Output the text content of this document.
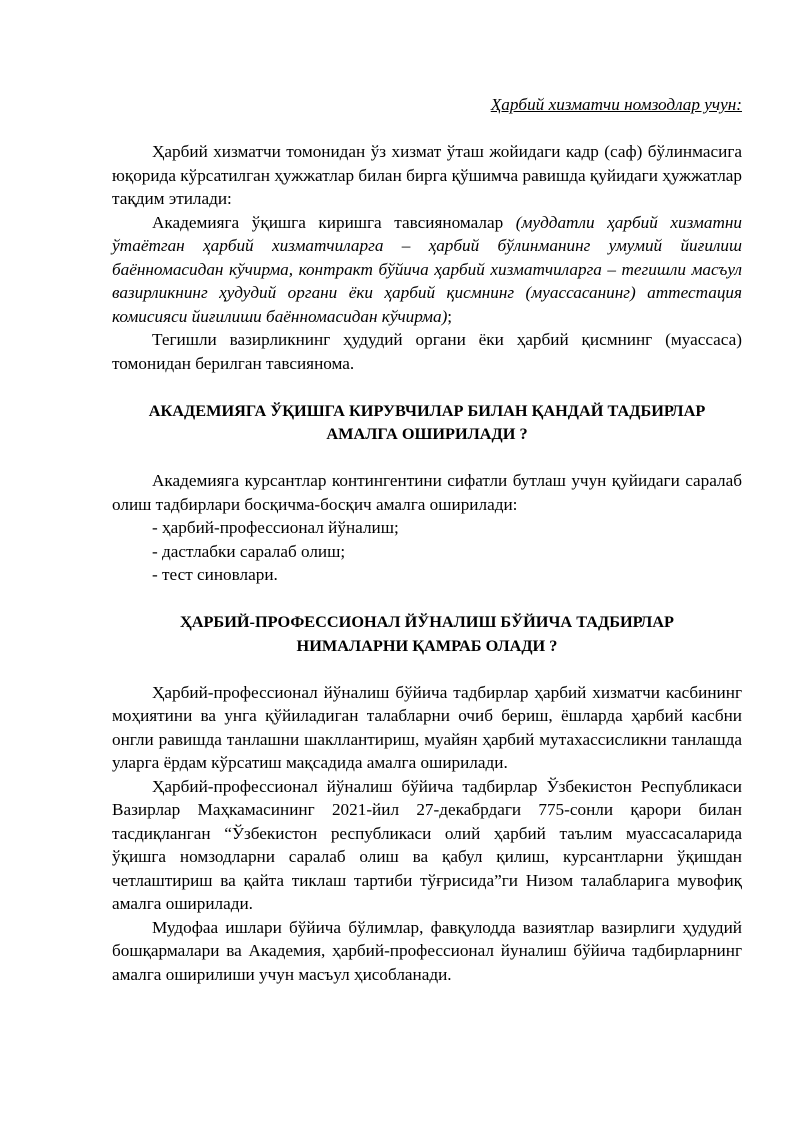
Ҳарбий хизматчи номзодлар учун:

Ҳарбий хизматчи томонидан ўз хизмат ўташ жойидаги кадр (саф) бўлинмасига юқорида кўрсатилган ҳужжатлар билан бирга қўшимча равишда қуйидаги ҳужжатлар тақдим этилади:

Академияга ўқишга киришга тавсияномалар (муддатли ҳарбий хизматни ўтаётган ҳарбий хизматчиларга – ҳарбий бўлинманинг умумий йиғилиш баённомасидан кўчирма, контракт бўйича ҳарбий хизматчиларга – тегишли масъул вазирликнинг ҳудудий органи ёки ҳарбий қисмнинг (муассасанинг) аттестация комисияси йиғилиши баённомасидан кўчирма);

Тегишли вазирликнинг ҳудудий органи ёки ҳарбий қисмнинг (муассаса) томонидан берилган тавсиянома.

АКАДЕМИЯГА ЎҚИШГА КИРУВЧИЛАР БИЛАН ҚАНДАЙ ТАДБИРЛАР

АМАЛГА ОШИРИЛАДИ ?

Академияга курсантлар контингентини сифатли бутлаш учун қуйидаги саралаб олиш тадбирлари босқичма-босқич амалга оширилади:

- ҳарбий-профессионал йўналиш;

- дастлабки саралаб олиш;

- тест синовлари.

ҲАРБИЙ-ПРОФЕССИОНАЛ ЙЎНАЛИШ БЎЙИЧА ТАДБИРЛАР

НИМАЛАРНИ ҚАМРАБ ОЛАДИ ?

Ҳарбий-профессионал йўналиш бўйича тадбирлар ҳарбий хизматчи касбининг моҳиятини ва унга қўйиладиган талабларни очиб бериш, ёшларда ҳарбий касбни онгли равишда танлашни шакллантириш, муайян ҳарбий мутахассисликни танлашда уларга ёрдам кўрсатиш мақсадида амалга оширилади.

Ҳарбий-профессионал йўналиш бўйича тадбирлар Ўзбекистон Республикаси Вазирлар Маҳкамасининг 2021-йил 27-декабрдаги 775-сонли қарори билан тасдиқланган “Ўзбекистон республикаси олий ҳарбий таълим муассасаларида ўқишга номзодларни саралаб олиш ва қабул қилиш, курсантларни ўқишдан четлаштириш ва қайта тиклаш тартиби тўғрисида”ги Низом талабларига мувофиқ амалга оширилади.

Мудофаа ишлари бўйича бўлимлар, фавқулодда вазиятлар вазирлиги ҳудудий бошқармалари ва Академия, ҳарбий-профессионал йуналиш бўйича тадбирларнинг амалга оширилиши учун масъул ҳисобланади.
